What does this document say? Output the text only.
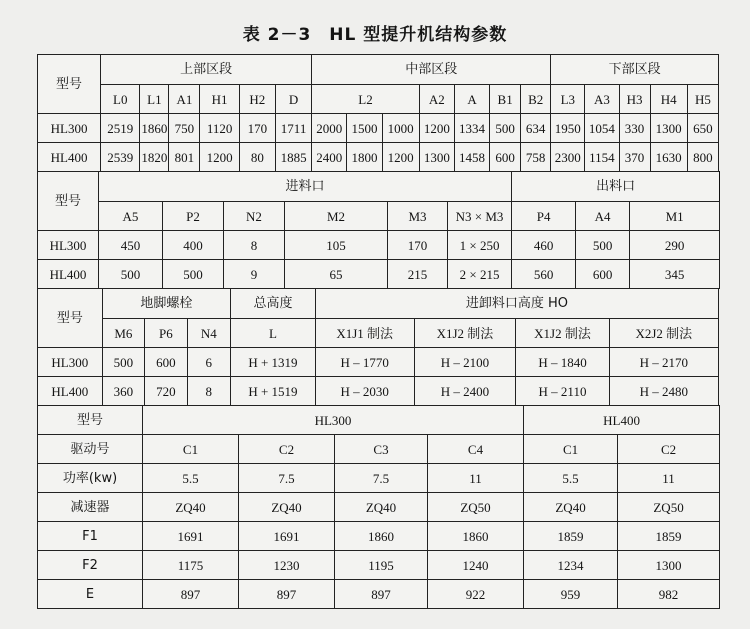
表 2－3　HL 型提升机结构参数
型号	上部区段						中部区段							下部区段				
	L0	L1	A1	H1	H2	D	L2			A2	A	B1	B2	L3	A3	H3	H4	H5
HL300	2519	1860	750	1120	170	1711	2000	1500	1000	1200	1334	500	634	1950	1054	330	1300	650
HL400	2539	1820	801	1200	80	1885	2400	1800	1200	1300	1458	600	758	2300	1154	370	1630	800
型号	进料口						出料口			
	A5	P2	N2	M2	M3	N3 × M3	P4	A4	M1	
HL300	450	400	8	105	170	1 × 250	460	500	290	
HL400	500	500	9	65	215	2 × 215	560	600	345	
型号	地脚螺栓			总高度	进卸料口高度 HO			
	M6	P6	N4	L	X1J1 制法	X1J2 制法	X1J2 制法	X2J2 制法
HL300	500	600	6	H + 1319	H – 1770	H – 2100	H – 1840	H – 2170
HL400	360	720	8	H + 1519	H – 2030	H – 2400	H – 2110	H – 2480
型号	HL300				HL400	
驱动号	C1	C2	C3	C4	C1	C2
功率(kw)	5.5	7.5	7.5	11	5.5	11
减速器	ZQ40	ZQ40	ZQ40	ZQ50	ZQ40	ZQ50
F1	1691	1691	1860	1860	1859	1859
F2	1175	1230	1195	1240	1234	1300
E	897	897	897	922	959	982
